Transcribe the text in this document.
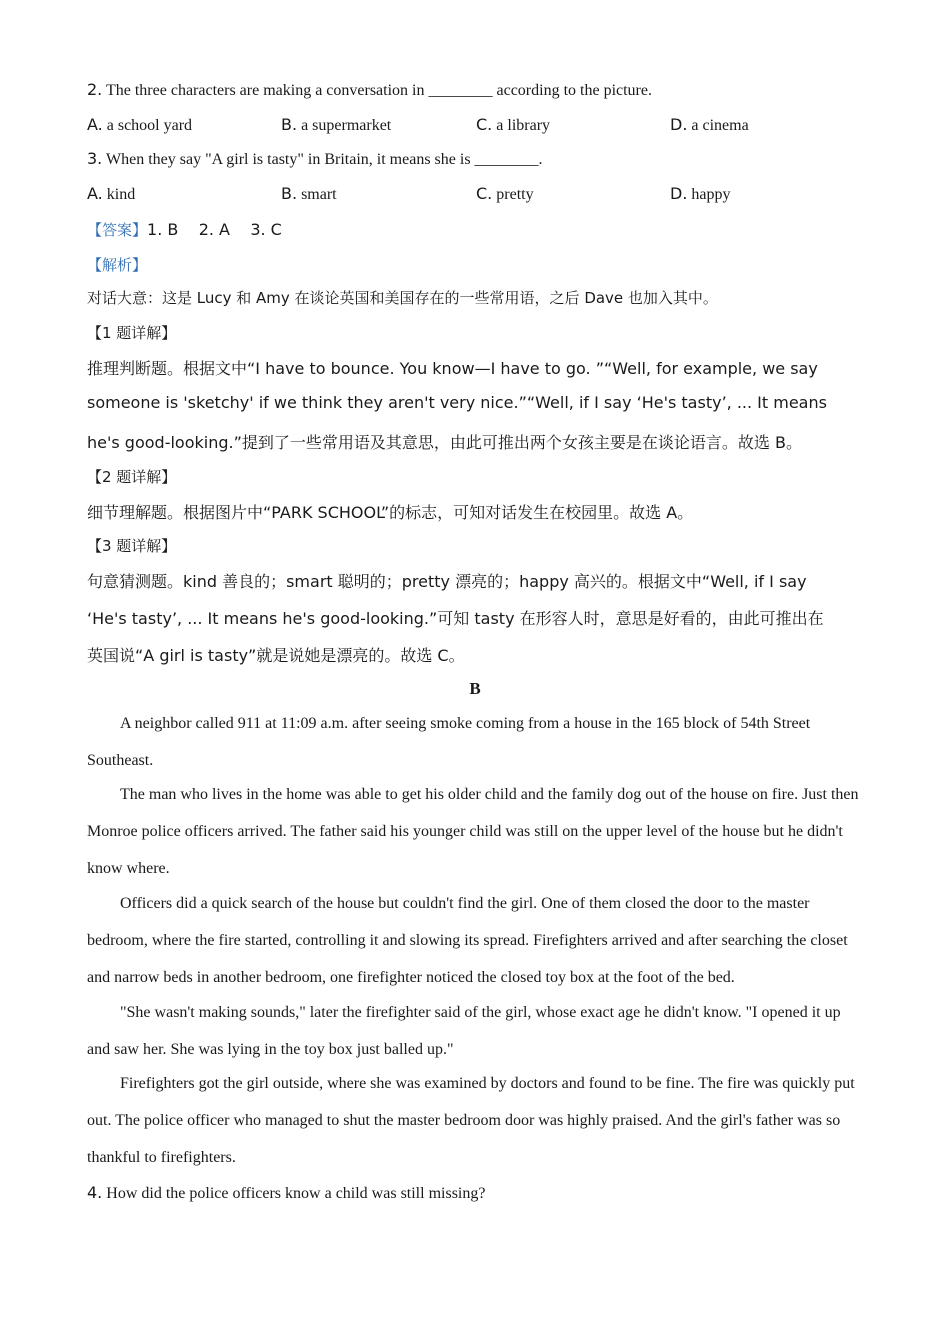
2. The three characters are making a conversation in ________ according to the picture.
A. a school yard	B. a supermarket	C. a library	D. a cinema
3. When they say "A girl is tasty" in Britain, it means she is ________.
A. kind	B. smart	C. pretty	D. happy
【答案】1. B    2. A    3. C
【解析】
对话大意：这是 Lucy 和 Amy 在谈论英国和美国存在的一些常用语，之后 Dave 也加入其中。
【1 题详解】
推理判断题。根据文中“I have to bounce. You know—I have to go. ”“Well, for example, we say
someone is 'sketchy' if we think they aren't very nice.”“Well, if I say ‘He's tasty’, ... It means
he's good-looking.”提到了一些常用语及其意思，由此可推出两个女孩主要是在谈论语言。故选 B。
【2 题详解】
细节理解题。根据图片中“PARK SCHOOL”的标志，可知对话发生在校园里。故选 A。
【3 题详解】
句意猜测题。kind 善良的；smart 聪明的；pretty 漂亮的；happy 高兴的。根据文中“Well, if I say
‘He's tasty’, ... It means he's good-looking.”可知 tasty 在形容人时，意思是好看的，由此可推出在
英国说“A girl is tasty”就是说她是漂亮的。故选 C。
B
A neighbor called 911 at 11:09 a.m. after seeing smoke coming from a house in the 165 block of 54th Street Southeast.
The man who lives in the home was able to get his older child and the family dog out of the house on fire. Just then Monroe police officers arrived. The father said his younger child was still on the upper level of the house but he didn't know where.
Officers did a quick search of the house but couldn't find the girl. One of them closed the door to the master bedroom, where the fire started, controlling it and slowing its spread. Firefighters arrived and after searching the closet and narrow beds in another bedroom, one firefighter noticed the closed toy box at the foot of the bed.
"She wasn't making sounds," later the firefighter said of the girl, whose exact age he didn't know. "I opened it up and saw her. She was lying in the toy box just balled up."
Firefighters got the girl outside, where she was examined by doctors and found to be fine. The fire was quickly put out. The police officer who managed to shut the master bedroom door was highly praised. And the girl's father was so thankful to firefighters.
4. How did the police officers know a child was still missing?
